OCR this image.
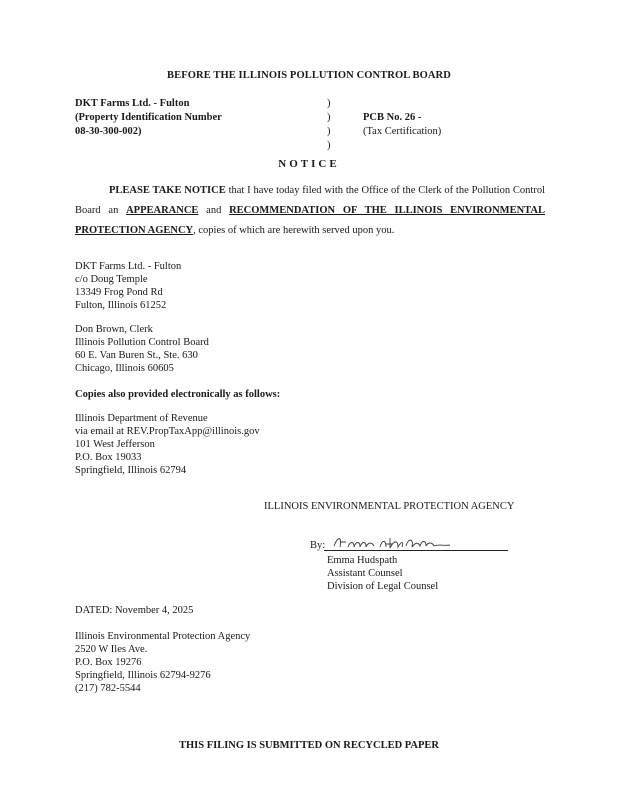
BEFORE THE ILLINOIS POLLUTION CONTROL BOARD
DKT Farms Ltd. - Fulton
(Property Identification Number
08-30-300-002)
)
)
)
)
PCB No. 26 -
(Tax Certification)
NOTICE
PLEASE TAKE NOTICE that I have today filed with the Office of the Clerk of the Pollution Control Board an APPEARANCE and RECOMMENDATION OF THE ILLINOIS ENVIRONMENTAL PROTECTION AGENCY, copies of which are herewith served upon you.
DKT Farms Ltd. - Fulton
c/o Doug Temple
13349 Frog Pond Rd
Fulton, Illinois 61252
Don Brown, Clerk
Illinois Pollution Control Board
60 E. Van Buren St., Ste. 630
Chicago, Illinois 60605
Copies also provided electronically as follows:
Illinois Department of Revenue
via email at REV.PropTaxApp@illinois.gov
101 West Jefferson
P.O. Box 19033
Springfield, Illinois 62794
ILLINOIS ENVIRONMENTAL PROTECTION AGENCY
By:
Emma Hudspath
Assistant Counsel
Division of Legal Counsel
DATED: November 4, 2025
Illinois Environmental Protection Agency
2520 W Iles Ave.
P.O. Box 19276
Springfield, Illinois 62794-9276
(217) 782-5544
THIS FILING IS SUBMITTED ON RECYCLED PAPER
